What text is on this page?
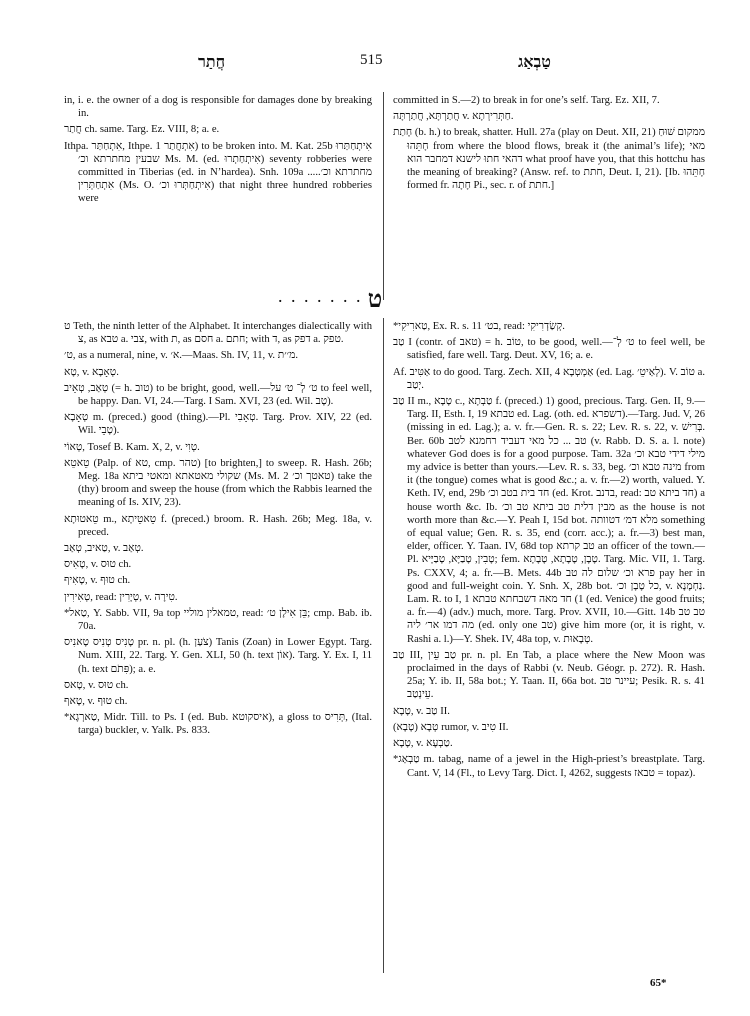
חֲתַר	515	טַבְאַג

in, i. e. the owner of a dog is responsible for damages done by breaking in.

חֲתַר ch. same. Targ. Ez. VIII, 8; a. e.

Ithpa. אִתְחַתַּר, Ithpe. אִתְחֲתַר 1) to be broken into. M. Kat. 25b אִיתְחַתַּרוּ שבעין מחתרתא וכ׳ Ms. M. (ed. אִיתְחַתְרוּ) seventy robberies were committed in Tiberias (ed. in N’hardea). Snh. 109a .....מחתרתא וכ׳ אִתְחַתְּרִין (Ms. O. אִיתְחַתְּרוּ וכ׳) that night three hundred robberies were

committed in S.—2) to break in for one’s self. Targ. Ez. XII, 7.

חֲתַרְתָּא, חֲתַרְתָּה v. חַתְּרִירְתָא.

חָתַת (b. h.) to break, shatter. Hull. 27a (play on Deut. XII, 21) ממקום שׁוּחַ חָתֵּהוּ from where the blood flows, break it (the animal’s life); מאי דהאי חתוּ לישנא דמחבר הוא what proof have you, that this hottchu has the meaning of breaking? (Answ. ref. to חתת, Deut. I, 21). [Ib. חָתֵּהוּ formed fr. חָתָה Pi., sec. r. of חתת.]

. . . . . . . ט

ט Teth, the ninth letter of the Alphabet. It interchanges dialectically with צ, as טבא a. צבי, with ת, as חסם a. חתם; with ד, as דפק a. טפק.

ט׳, as a numeral, nine, v. א׳.—Maas. Sh. IV, 11, v. מ׳׳ת.

טָא, v. טְאָבָא.

טְאַב, טְאֵיב (= h. טוב) to be bright, good, well.—ט׳ לְ־ ט׳ על to feel well, be happy. Dan. VI, 24.—Targ. I Sam. XVI, 23 (ed. Wil. טָב).

טְאָבָא m. (preced.) good (thing).—Pl. טְאָבִי. Targ. Prov. XIV, 22 (ed. Wil. טָבֵי).

טְאוֹי, Tosef B. Kam. X, 2, v. טְוִי.

טֵאטֵא (Palp. of טא, cmp. טהר) [to brighten,] to sweep. R. Hash. 26b; Meg. 18a שקולי מאטאתא ומאטי ביתא (Ms. M. 2 טאטך וכ׳) take the (thy) broom and sweep the house (from which the Rabbis learned the meaning of Is. XIV, 23).

טֵאטוּתָא m., טֵאטֵיתָא f. (preced.) broom. R. Hash. 26b; Meg. 18a, v. preced.

טַאיב, טְאַב, v. טְאַב.

טָאִיס, v. טוּס ch.

טָאִיף, v. טוּף ch.

טְאִירִין, read: טְיָרִין, v. טִירָה.

*טַאל, Y. Sabb. VII, 9a top טמאלין מוליי, read: בֵּן אִילָן ט׳; cmp. Bab. ib. 70a.

טָנִיס טְנִיס טָאנִיס pr. n. pl. (h. צֹעַן) Tanis (Zoan) in Lower Egypt. Targ. Num. XIII, 22. Targ. Y. Gen. XLI, 50 (h. text אוֹן). Targ. Y. Ex. I, 11 (h. text פִּתֹם); a. e.

טָאס, v. טוּס ch.

טָאף, v. טוּף ch.

*טַארְגָא, Midr. Till. to Ps. I (ed. Bub. איסקוטא), a gloss to תְּרִיס, (Ital. targa) buckler, v. Yalk. Ps. 833.

*טַארִיקִי, Ex. R. s. 11 בט׳, read: קְשַׂדְרִיקִי.

טַב I (contr. of טאב) = h. טוֹב, to be good, well.—ט׳ לְ־ to feel well, be satisfied, fare well. Targ. Deut. XV, 16; a. e.

Af. אַטִּיב to do good. Targ. Zech. XII, 4 אַמְטְבָא (ed. Lag. לְאַיטֵ׳). V. טוֹב a. יְטַב.

טַב II m., טָבָא c., טַבְתָא f. (preced.) 1) good, precious. Targ. Gen. II, 9.—Targ. II, Esth. I, 19 טבתא ed. Lag. (oth. ed. דשפרא).—Targ. Jud. V, 26 (missing in ed. Lag.); a. v. fr.—Gen. R. s. 22; Lev. R. s. 22, v. בְּרִישׁ. Ber. 60b טב ... כל מאי דעביד רחמנא לטב (v. Rabb. D. S. a. l. note) whatever God does is for a good purpose. Tam. 32a מילי דידי טבא וכ׳ my advice is better than yours.—Lev. R. s. 33, beg. מינה טבא וכ׳ from it (the tongue) comes what is good &c.; a. v. fr.—2) worth, valued. Y. Keth. IV, end, 29b חד בית בטב וכ׳ (ed. Krot. בדנב, read: חד ביתא טב) a house worth &c. Ib. מבין דלית טב ביתא טב וכ׳ as the house is not worth more than &c.—Y. Peah I, 15d bot. מלא דמ׳ דטוותה something of equal value; Gen. R. s. 35, end (corr. acc.); a. fr.—3) best man, elder, officer. Y. Taan. IV, 68d top טב קרתא an officer of the town.—Pl. טָבִין, טָבַיָּא, טָבַיָּיא; fem. טָבָן, טָבָתָא, טָבָתָא. Targ. Mic. VII, 1. Targ. Ps. CXXV, 4; a. fr.—B. Mets. 44b פרא וכ׳ שלום לה טב pay her in good and full-weight coin. Y. Snh. X, 28b bot. כל טָבָן וכ׳, v. נַחְמָנָא. Lam. R. to I, 1 חד מאה דשבחתא טבתא (1 (ed. Venice) the good fruits; a. fr.—4) (adv.) much, more. Targ. Prov. XVII, 10.—Gitt. 14b טב טב מה דמו אר׳ ליה (ed. only one טב) give him more (or, it is right, v. Rashi a. l.)—Y. Shek. IV, 48a top, v. טְבָאוּת.

טַב III, טַב עֵין pr. n. pl. En Tab, a place where the New Moon was proclaimed in the days of Rabbi (v. Neub. Géogr. p. 272). R. Hash. 25a; Y. ib. II, 58a bot.; Y. Taan. II, 66a bot. עיינר טב; Pesik. R. s. 41 עֵינְטַב.

טָבָא, v. טַב II.

טְבָא (טָבָא) rumor, v. טִיב II.

טָבָא, v. טַבְעָא.

*טַבְאַג m. tabag, name of a jewel in the High-priest’s breastplate. Targ. Cant. V, 14 (Fl., to Levy Targ. Dict. I, 4262, suggests טבאז = topaz).

65*
